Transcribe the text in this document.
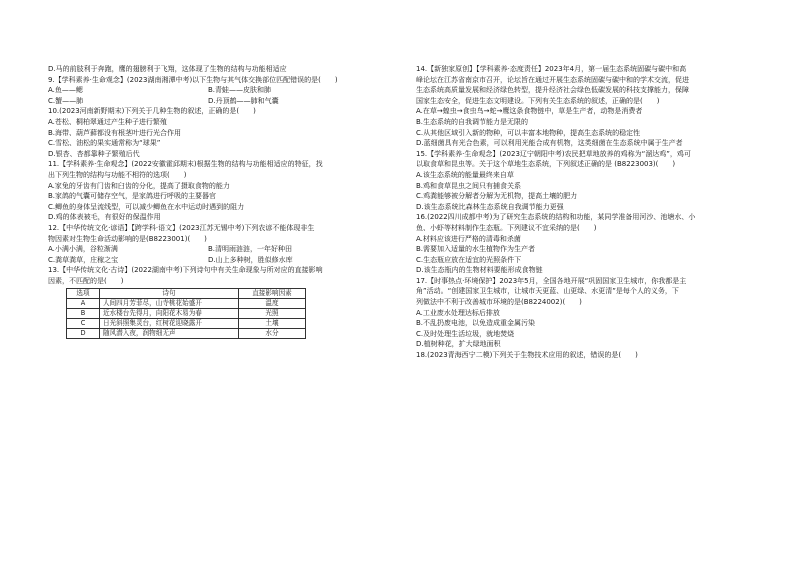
D.马的前肢利于奔跑，鹰的翅膀利于飞翔，这体现了生物的结构与功能相适应
9.【学科素养·生命观念】(2023湖南湘潭中考)以下生物与其气体交换部位匹配错误的是(　　)
A.鱼——鳃	B.青蛙——皮肤和肺
C.蟹——肺	D.丹顶鹤——肺和气囊
10.(2023河南新野期末)下列关于几种生物的叙述，正确的是(　　)
A.苍松、桐柏翠通过产生种子进行繁殖
B.海带、葫芦藓都没有根茎叶进行光合作用
C.雪松、油松的果实通常称为“球果”
D.银杏、杏都靠种子繁殖后代
11.【学科素养·生命观念】(2022安徽霍邱期末)根据生物的结构与功能相适应的特征，找
出下列生物的结构与功能不相符的选项(　　)
A.家兔的牙齿有门齿和臼齿的分化，提高了摄取食物的能力
B.家鸽的气囊可储存空气，是家鸽进行呼吸的主要器官
C.鲫鱼的身体呈流线型，可以减少鲫鱼在水中运动时遇到的阻力
D.鸡的体表被毛，有很好的保温作用
12.【中华传统文化·谚语】【跨学科·语文】(2023江苏无锡中考)下列农谚不能体现非生
物因素对生物生命活动影响的是(B8223001)(　　)
A.小满小满，谷粒渐满	B.清明雨涟涟，一年好种田
C.粪草粪草，庄稼之宝	D.山上多种树，胜似修水库
13.【中华传统文化·古诗】(2022湖南中考)下列诗句中有关生命现象与所对应的直接影响
因素，不匹配的是(　　)
选项	诗句	直接影响因素
A	人间四月芳菲尽，山寺桃花始盛开	温度
B	近水楼台先得月，向阳花木易为春	光照
C	日光斜照集灵台，红树花迎晓露开	土壤
D	随风潜入夜，润物细无声	水分
14.【新独家原创】【学科素养·态度责任】2023年4月，第一届生态系统固碳与碳中和高
峰论坛在江苏省南京市召开，论坛旨在通过开展生态系统固碳与碳中和的学术交流，促进
生态系统高质量发展和经济绿色转型，提升经济社会绿色低碳发展的科技支撑能力，保障
国家生态安全，促进生态文明建设。下列有关生态系统的叙述，正确的是(　　)
A.在草→蝗虫→食虫鸟→蛇→鹰这条食物链中，草是生产者，动物是消费者
B.生态系统的自我调节能力是无限的
C.从其他区域引入新的物种，可以丰富本地物种，提高生态系统的稳定性
D.蓝细菌具有光合色素，可以利用光能合成有机物，这类细菌在生态系统中属于生产者
15.【学科素养·生命观念】(2023辽宁朝阳中考)农民把草地放养的鸡称为“溜达鸡”，鸡可
以取食草和昆虫等。关于这个草地生态系统，下列叙述正确的是 (B8223003)(　　)
A.该生态系统的能量最终来自草
B.鸡和食草昆虫之间只有捕食关系
C.鸡粪能够被分解者分解为无机物，提高土壤的肥力
D.该生态系统比森林生态系统自我调节能力更强
16.(2022四川成都中考)为了研究生态系统的结构和功能，某同学准备用河沙、池塘水、小
鱼、小虾等材料制作生态瓶。下列建议不宜采纳的是(　　)
A.材料应该进行严格的清毒和杀菌
B.需要加入适量的水生植物作为生产者
C.生态瓶应放在适宜的光照条件下
D.该生态瓶内的生物材料要能形成食物链
17.【时事热点·环境保护】2023年5月，全国各地开展“巩固国家卫生城市，你我都是主
角”活动。“创建国家卫生城市，让城市天更蓝、山更绿、水更清”是每个人的义务，下
列做法中不利于改善城市环境的是(B8224002)(　　)
A.工业废水处理达标后排放
B.不乱扔废电池，以免造成重金属污染
C.及时处理生活垃圾，就地焚烧
D.植树种花，扩大绿地面积
18.(2023青海西宁二模)下列关于生物技术应用的叙述，错误的是(　　)
